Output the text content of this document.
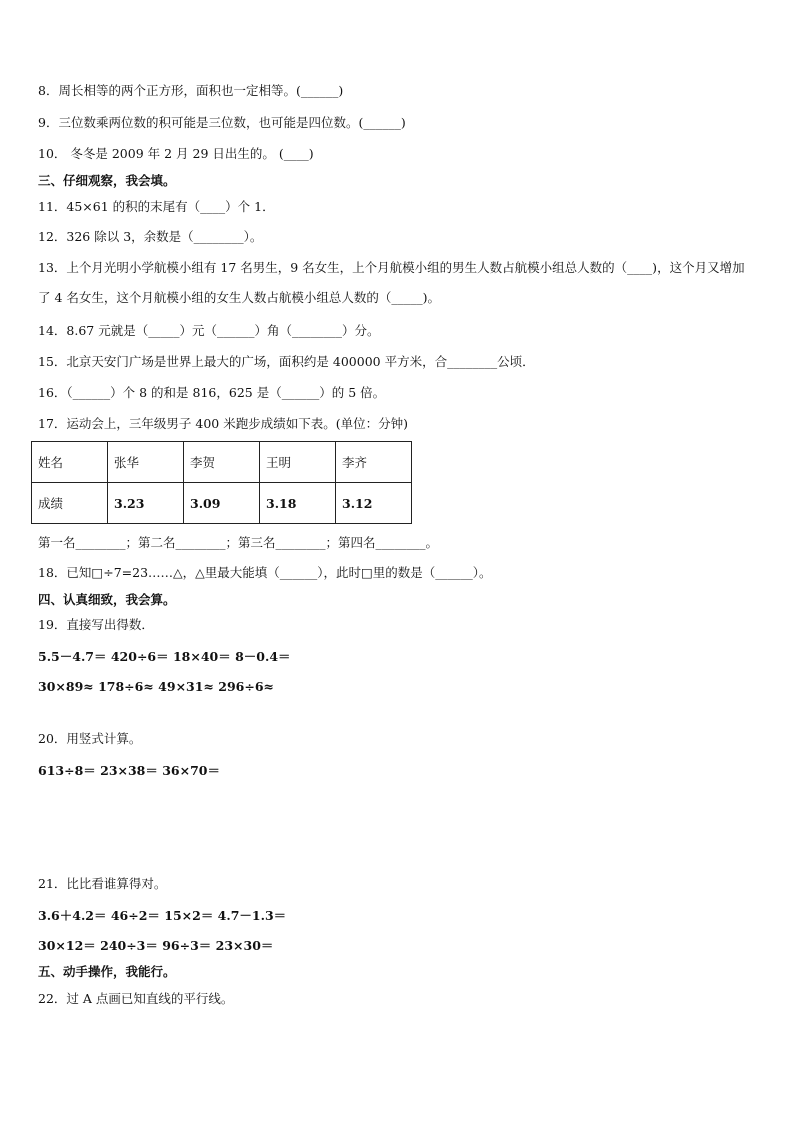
8．周长相等的两个正方形，面积也一定相等。(______)
9．三位数乘两位数的积可能是三位数，也可能是四位数。(______)
10． 冬冬是 2009 年 2 月 29 日出生的。 (____)
三、仔细观察，我会填。
11．45×61 的积的末尾有（____）个 1．
12．326 除以 3，余数是（________）。
13．上个月光明小学航模小组有 17 名男生，9 名女生，上个月航模小组的男生人数占航模小组总人数的（____)，这个月又增加了 4 名女生，这个月航模小组的女生人数占航模小组总人数的（_____)。
14．8.67 元就是（_____）元（______）角（________）分。
15．北京天安门广场是世界上最大的广场，面积约是 400000 平方米，合________公顷．
16．（______）个 8 的和是 816，625 是（______）的 5 倍。
17．运动会上，三年级男子 400 米跑步成绩如下表。(单位：分钟)
姓名	张华	李贺	王明	李齐
成绩	3.23	3.09	3.18	3.12
第一名________；第二名________；第三名________；第四名________。
18．已知□÷7=23……△，△里最大能填（______），此时□里的数是（______）。
四、认真细致，我会算。
19．直接写出得数．
5.5－4.7＝ 420÷6＝ 18×40＝ 8－0.4＝
30×89≈ 178÷6≈ 49×31≈ 296÷6≈
20．用竖式计算。
613÷8＝ 23×38＝ 36×70＝
21．比比看谁算得对。
3.6＋4.2＝ 46÷2＝ 15×2＝ 4.7－1.3＝
30×12＝ 240÷3＝ 96÷3＝ 23×30＝
五、动手操作，我能行。
22．过 A 点画已知直线的平行线。
